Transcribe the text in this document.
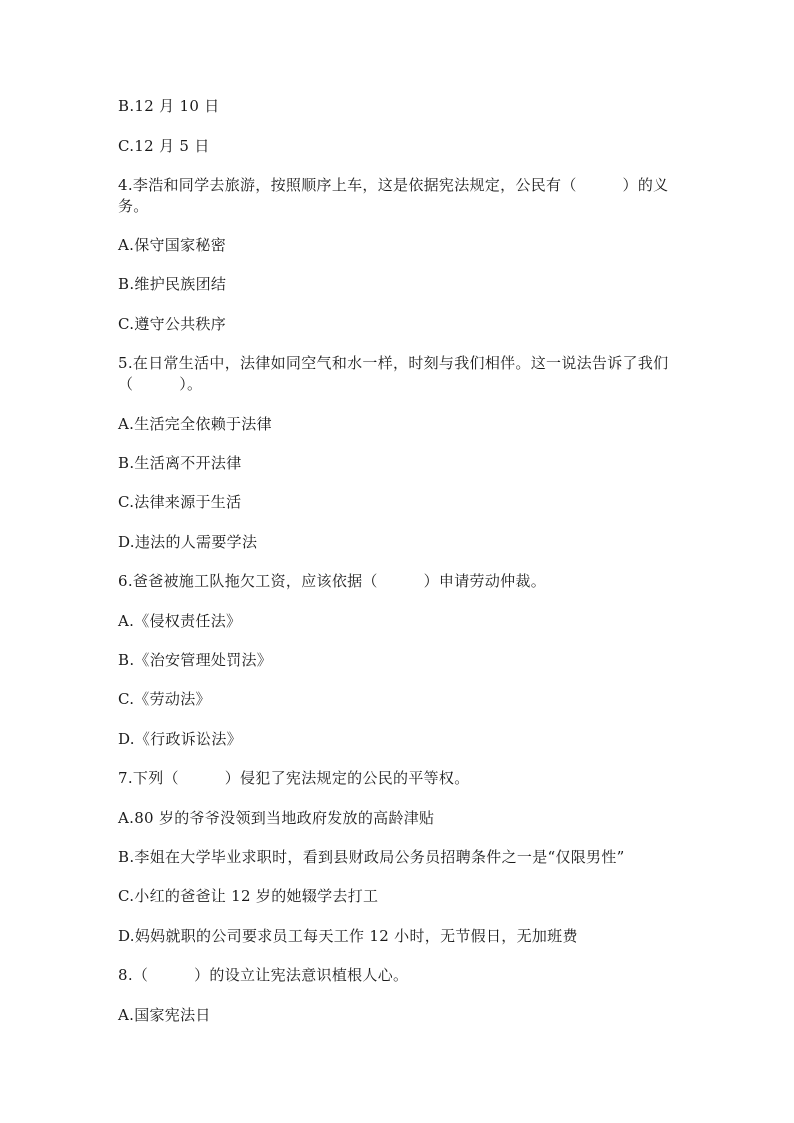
B.12 月 10 日
C.12 月 5 日
4.李浩和同学去旅游，按照顺序上车，这是依据宪法规定，公民有（　　　）的义务。
A.保守国家秘密
B.维护民族团结
C.遵守公共秩序
5.在日常生活中，法律如同空气和水一样，时刻与我们相伴。这一说法告诉了我们（　　　）。
A.生活完全依赖于法律
B.生活离不开法律
C.法律来源于生活
D.违法的人需要学法
6.爸爸被施工队拖欠工资，应该依据（　　　）申请劳动仲裁。
A.《侵权责任法》
B.《治安管理处罚法》
C.《劳动法》
D.《行政诉讼法》
7.下列（　　　）侵犯了宪法规定的公民的平等权。
A.80 岁的爷爷没领到当地政府发放的高龄津贴
B.李姐在大学毕业求职时，看到县财政局公务员招聘条件之一是“仅限男性”
C.小红的爸爸让 12 岁的她辍学去打工
D.妈妈就职的公司要求员工每天工作 12 小时，无节假日，无加班费
8.（　　　）的设立让宪法意识植根人心。
A.国家宪法日
